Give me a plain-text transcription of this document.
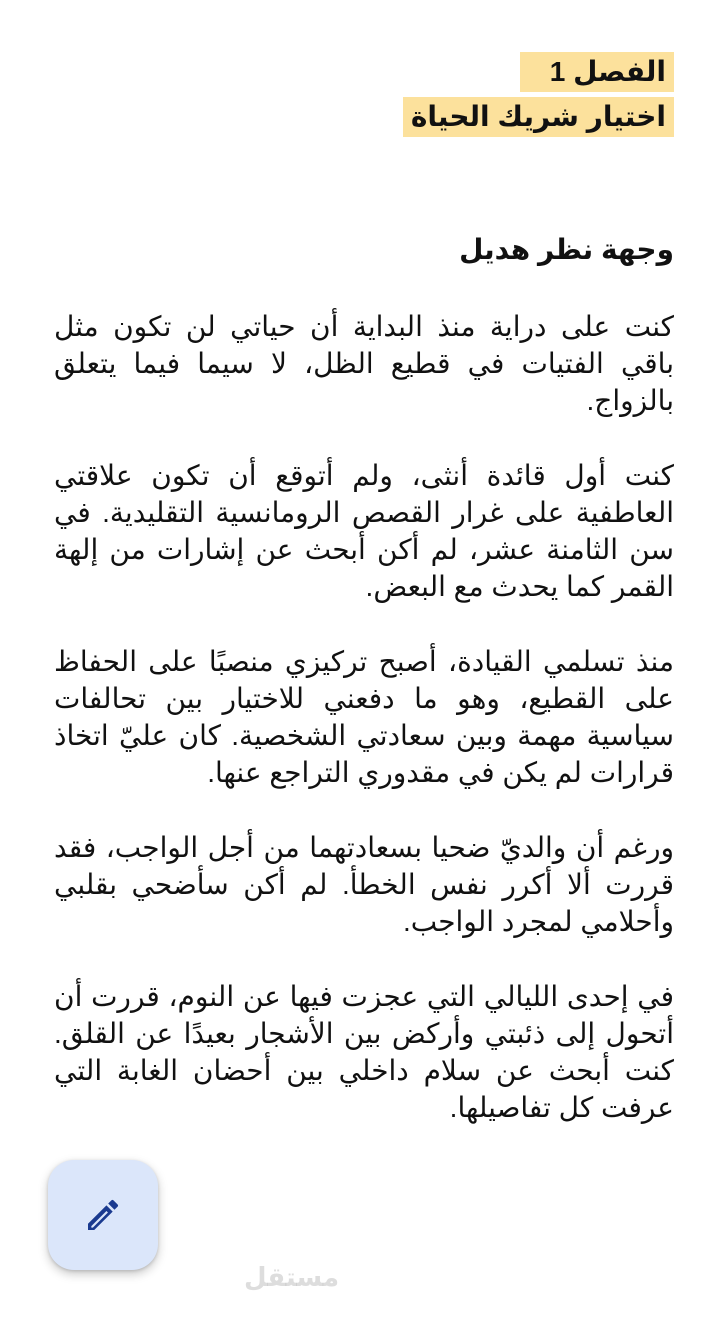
الفصل 1
اختيار شريك الحياة
وجهة نظر هديل

كنت على دراية منذ البداية أن حياتي لن تكون مثل باقي الفتيات في قطيع الظل، لا سيما فيما يتعلق بالزواج.

كنت أول قائدة أنثى، ولم أتوقع أن تكون علاقتي العاطفية على غرار القصص الرومانسية التقليدية. في سن الثامنة عشر، لم أكن أبحث عن إشارات من إلهة القمر كما يحدث مع البعض.

منذ تسلمي القيادة، أصبح تركيزي منصبًا على الحفاظ على القطيع، وهو ما دفعني للاختيار بين تحالفات سياسية مهمة وبين سعادتي الشخصية. كان عليّ اتخاذ قرارات لم يكن في مقدوري التراجع عنها.

ورغم أن والديّ ضحيا بسعادتهما من أجل الواجب، فقد قررت ألا أكرر نفس الخطأ. لم أكن سأضحي بقلبي وأحلامي لمجرد الواجب.

في إحدى الليالي التي عجزت فيها عن النوم، قررت أن أتحول إلى ذئبتي وأركض بين الأشجار بعيدًا عن القلق. كنت أبحث عن سلام داخلي بين أحضان الغابة التي عرفت كل تفاصيلها.

مستقل
